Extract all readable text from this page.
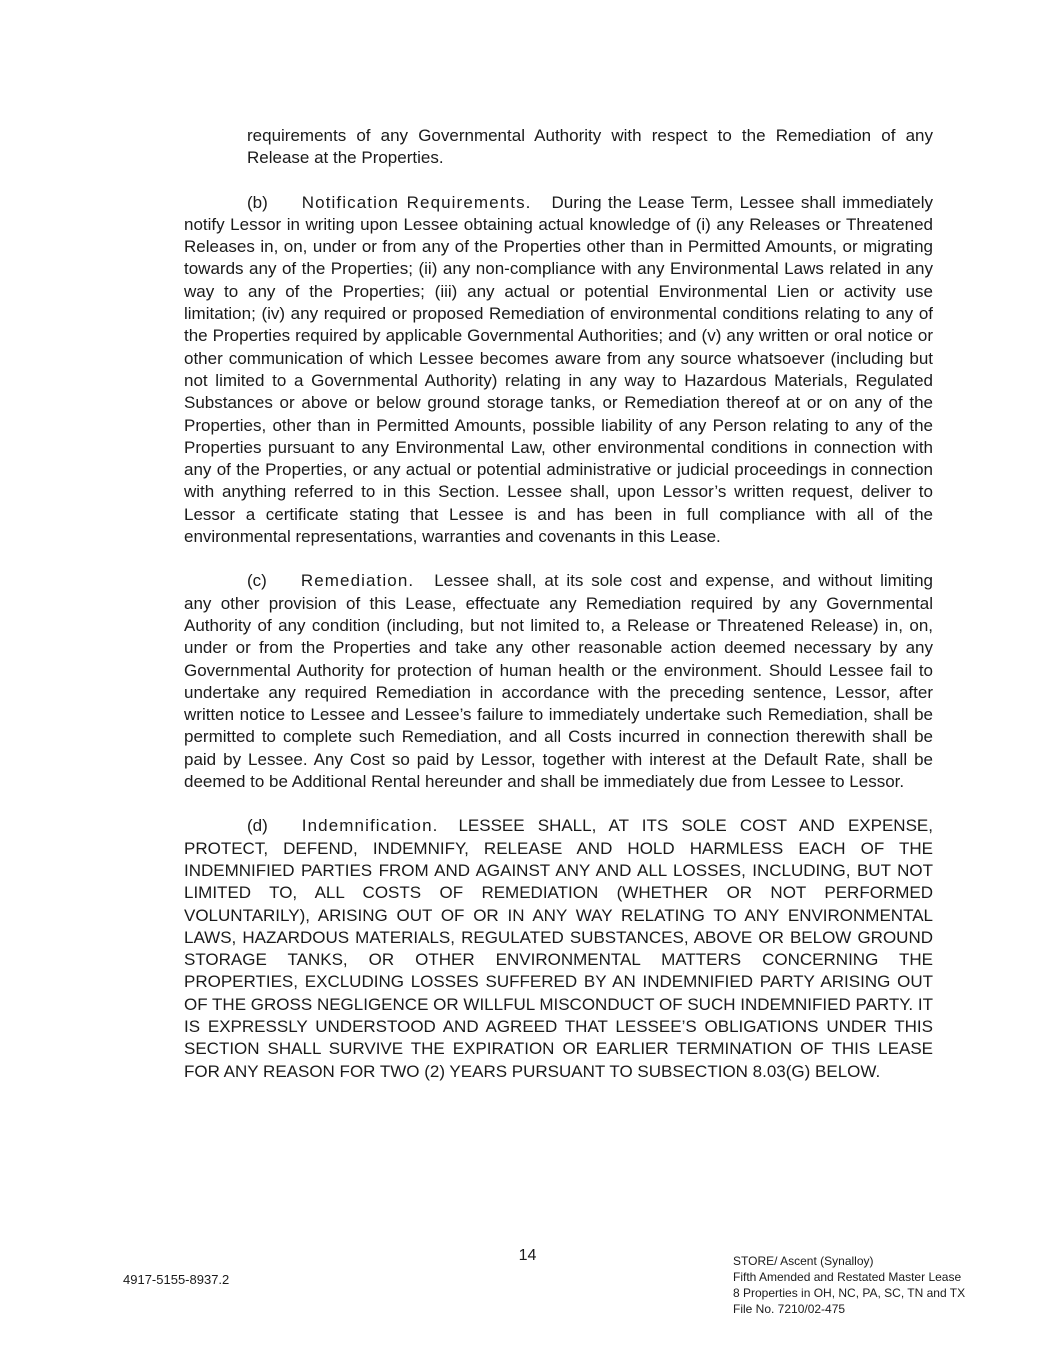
requirements of any Governmental Authority with respect to the Remediation of any Release at the Properties.

(b) Notification Requirements. During the Lease Term, Lessee shall immediately notify Lessor in writing upon Lessee obtaining actual knowledge of (i) any Releases or Threatened Releases in, on, under or from any of the Properties other than in Permitted Amounts, or migrating towards any of the Properties; (ii) any non-compliance with any Environmental Laws related in any way to any of the Properties; (iii) any actual or potential Environmental Lien or activity use limitation; (iv) any required or proposed Remediation of environmental conditions relating to any of the Properties required by applicable Governmental Authorities; and (v) any written or oral notice or other communication of which Lessee becomes aware from any source whatsoever (including but not limited to a Governmental Authority) relating in any way to Hazardous Materials, Regulated Substances or above or below ground storage tanks, or Remediation thereof at or on any of the Properties, other than in Permitted Amounts, possible liability of any Person relating to any of the Properties pursuant to any Environmental Law, other environmental conditions in connection with any of the Properties, or any actual or potential administrative or judicial proceedings in connection with anything referred to in this Section. Lessee shall, upon Lessor’s written request, deliver to Lessor a certificate stating that Lessee is and has been in full compliance with all of the environmental representations, warranties and covenants in this Lease.

(c) Remediation. Lessee shall, at its sole cost and expense, and without limiting any other provision of this Lease, effectuate any Remediation required by any Governmental Authority of any condition (including, but not limited to, a Release or Threatened Release) in, on, under or from the Properties and take any other reasonable action deemed necessary by any Governmental Authority for protection of human health or the environment. Should Lessee fail to undertake any required Remediation in accordance with the preceding sentence, Lessor, after written notice to Lessee and Lessee’s failure to immediately undertake such Remediation, shall be permitted to complete such Remediation, and all Costs incurred in connection therewith shall be paid by Lessee. Any Cost so paid by Lessor, together with interest at the Default Rate, shall be deemed to be Additional Rental hereunder and shall be immediately due from Lessee to Lessor.

(d) Indemnification. LESSEE SHALL, AT ITS SOLE COST AND EXPENSE, PROTECT, DEFEND, INDEMNIFY, RELEASE AND HOLD HARMLESS EACH OF THE INDEMNIFIED PARTIES FROM AND AGAINST ANY AND ALL LOSSES, INCLUDING, BUT NOT LIMITED TO, ALL COSTS OF REMEDIATION (WHETHER OR NOT PERFORMED VOLUNTARILY), ARISING OUT OF OR IN ANY WAY RELATING TO ANY ENVIRONMENTAL LAWS, HAZARDOUS MATERIALS, REGULATED SUBSTANCES, ABOVE OR BELOW GROUND STORAGE TANKS, OR OTHER ENVIRONMENTAL MATTERS CONCERNING THE PROPERTIES, EXCLUDING LOSSES SUFFERED BY AN INDEMNIFIED PARTY ARISING OUT OF THE GROSS NEGLIGENCE OR WILLFUL MISCONDUCT OF SUCH INDEMNIFIED PARTY. IT IS EXPRESSLY UNDERSTOOD AND AGREED THAT LESSEE’S OBLIGATIONS UNDER THIS SECTION SHALL SURVIVE THE EXPIRATION OR EARLIER TERMINATION OF THIS LEASE FOR ANY REASON FOR TWO (2) YEARS PURSUANT TO SUBSECTION 8.03(G) BELOW.

14
4917-5155-8937.2
STORE/ Ascent (Synalloy)
Fifth Amended and Restated Master Lease
8 Properties in OH, NC, PA, SC, TN and TX
File No. 7210/02-475
